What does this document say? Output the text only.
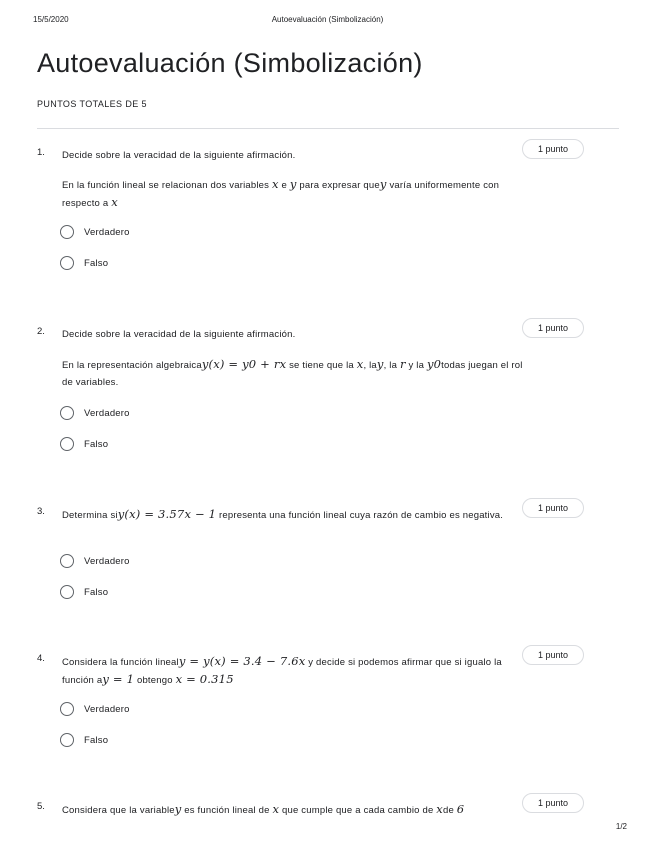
15/5/2020	Autoevaluación (Simbolización)
Autoevaluación (Simbolización)
PUNTOS TOTALES DE 5
1. Decide sobre la veracidad de la siguiente afirmación.
1 punto
En la función lineal se relacionan dos variables x e y para expresar quey varía uniformemente con respecto a x
Verdadero
Falso
2. Decide sobre la veracidad de la siguiente afirmación.
1 punto
En la representación algebraicay(x) = y0 + rx se tiene que la x, lay, la r y la y0todas juegan el rol de variables.
Verdadero
Falso
3. Determina siy(x) = 3.57x − 1 representa una función lineal cuya razón de cambio es negativa.
1 punto
Verdadero
Falso
4. Considera la función linealy = y(x) = 3.4 − 7.6x y decide si podemos afirmar que si igualo la función ay = 1 obtengo x = 0.315
1 punto
Verdadero
Falso
5. Considera que la variabley es función lineal de x que cumple que a cada cambio de xde 6	1 punto
1/2
